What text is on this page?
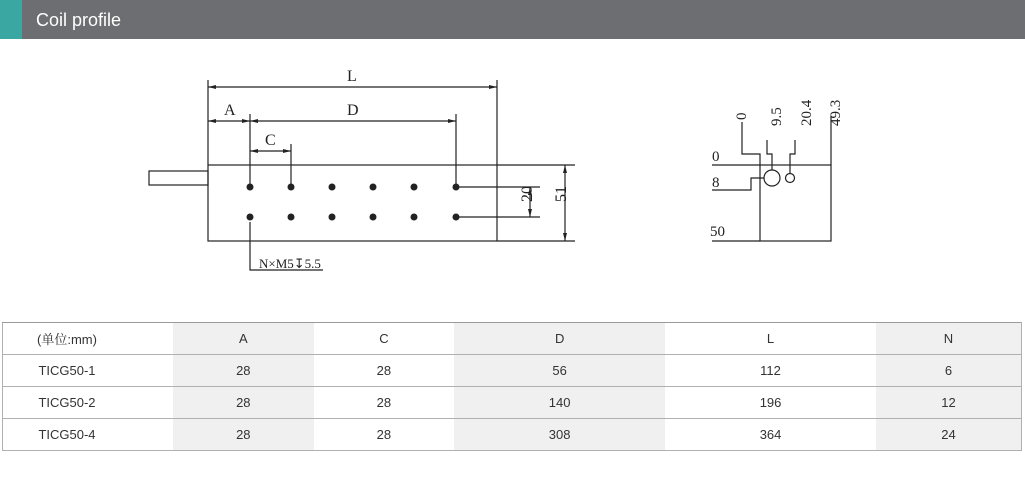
Coil profile
L
A	D
C
20 51
N×M5↧5.5
0 9.5 20.4 49.3
0
8
50
(单位:mm)	A	C	D	L	N
TICG50-1	28	28	56	112	6
TICG50-2	28	28	140	196	12
TICG50-4	28	28	308	364	24
